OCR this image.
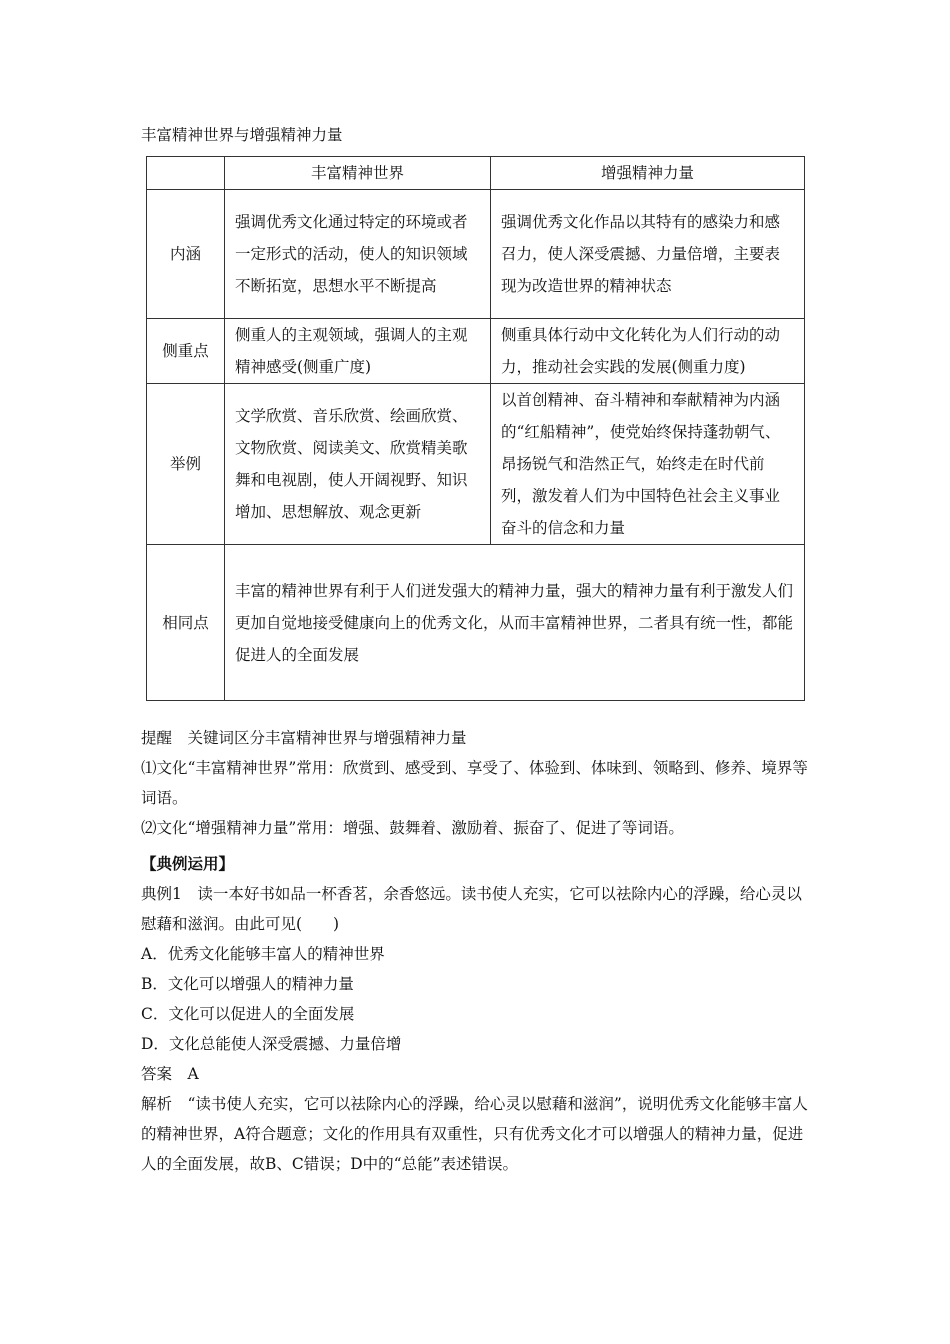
丰富精神世界与增强精神力量
	丰富精神世界	增强精神力量
内涵	强调优秀文化通过特定的环境或者一定形式的活动，使人的知识领域不断拓宽，思想水平不断提高	强调优秀文化作品以其特有的感染力和感召力，使人深受震撼、力量倍增，主要表现为改造世界的精神状态
侧重点	侧重人的主观领域，强调人的主观精神感受(侧重广度)	侧重具体行动中文化转化为人们行动的动力，推动社会实践的发展(侧重力度)
举例	文学欣赏、音乐欣赏、绘画欣赏、文物欣赏、阅读美文、欣赏精美歌舞和电视剧，使人开阔视野、知识增加、思想解放、观念更新	以首创精神、奋斗精神和奉献精神为内涵的“红船精神”，使党始终保持蓬勃朝气、昂扬锐气和浩然正气，始终走在时代前列，激发着人们为中国特色社会主义事业奋斗的信念和力量
相同点	丰富的精神世界有利于人们迸发强大的精神力量，强大的精神力量有利于激发人们更加自觉地接受健康向上的优秀文化，从而丰富精神世界，二者具有统一性，都能促进人的全面发展	
提醒　关键词区分丰富精神世界与增强精神力量
⑴文化“丰富精神世界”常用：欣赏到、感受到、享受了、体验到、体味到、领略到、修养、境界等词语。
⑵文化“增强精神力量”常用：增强、鼓舞着、激励着、振奋了、促进了等词语。
【典例运用】
典例1　读一本好书如品一杯香茗，余香悠远。读书使人充实，它可以祛除内心的浮躁，给心灵以慰藉和滋润。由此可见(　　)
A．优秀文化能够丰富人的精神世界
B．文化可以增强人的精神力量
C．文化可以促进人的全面发展
D．文化总能使人深受震撼、力量倍增
答案　A
解析　“读书使人充实，它可以祛除内心的浮躁，给心灵以慰藉和滋润”，说明优秀文化能够丰富人的精神世界，A符合题意；文化的作用具有双重性，只有优秀文化才可以增强人的精神力量，促进人的全面发展，故B、C错误；D中的“总能”表述错误。
